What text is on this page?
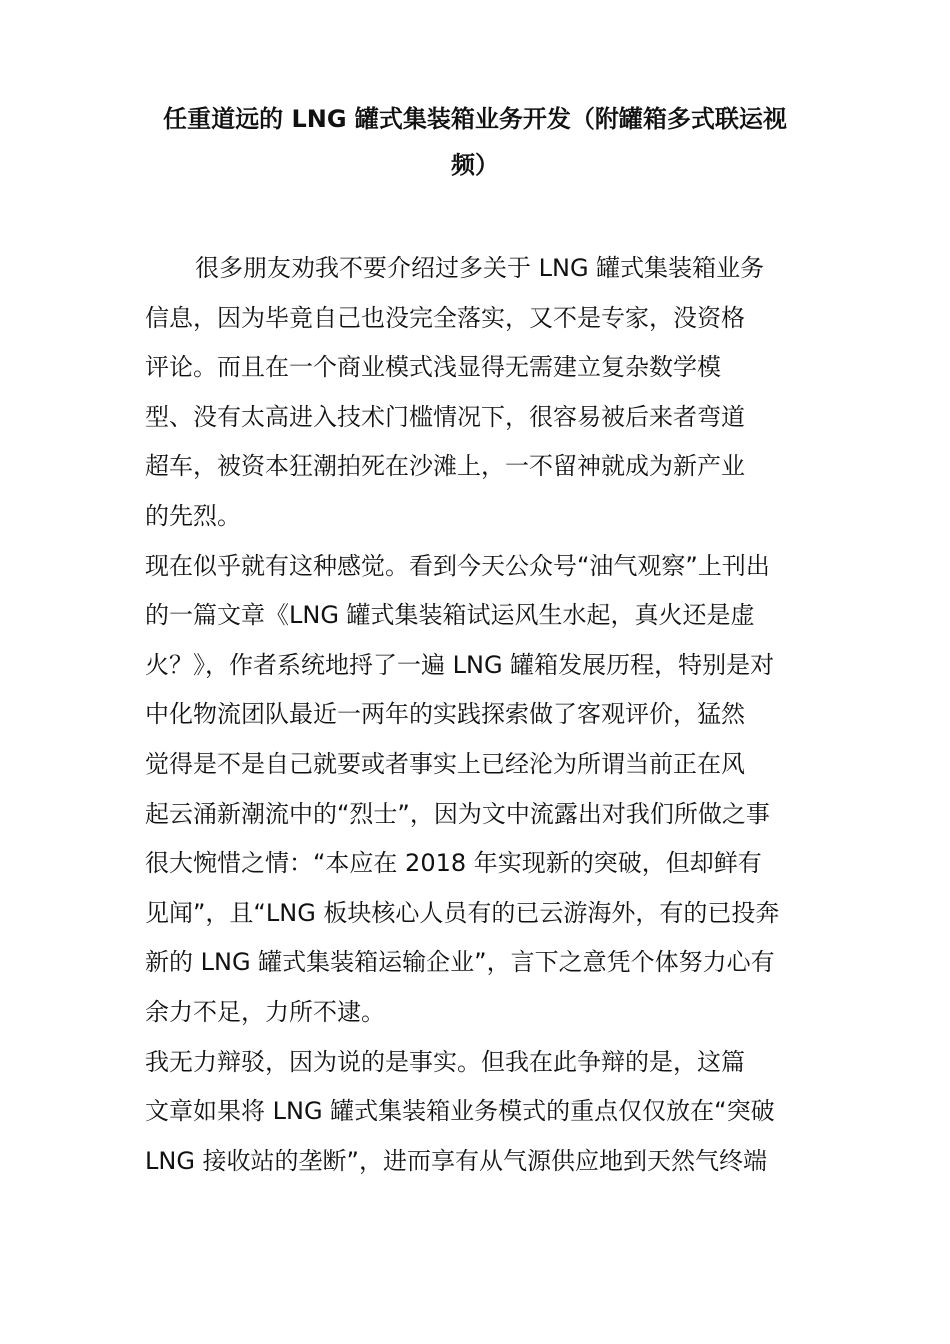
任重道远的 LNG 罐式集装箱业务开发（附罐箱多式联运视
频）

很多朋友劝我不要介绍过多关于 LNG 罐式集装箱业务

信息，因为毕竟自己也没完全落实，又不是专家，没资格

评论。而且在一个商业模式浅显得无需建立复杂数学模

型、没有太高进入技术门槛情况下，很容易被后来者弯道

超车，被资本狂潮拍死在沙滩上，一不留神就成为新产业

的先烈。

现在似乎就有这种感觉。看到今天公众号“油气观察”上刊出

的一篇文章《LNG 罐式集装箱试运风生水起，真火还是虚

火？》，作者系统地捋了一遍 LNG 罐箱发展历程，特别是对

中化物流团队最近一两年的实践探索做了客观评价，猛然

觉得是不是自己就要或者事实上已经沦为所谓当前正在风

起云涌新潮流中的“烈士”，因为文中流露出对我们所做之事

很大惋惜之情：“本应在 2018 年实现新的突破，但却鲜有

见闻”，且“LNG 板块核心人员有的已云游海外，有的已投奔

新的 LNG 罐式集装箱运输企业”，言下之意凭个体努力心有

余力不足，力所不逮。

我无力辩驳，因为说的是事实。但我在此争辩的是，这篇

文章如果将 LNG 罐式集装箱业务模式的重点仅仅放在“突破

LNG 接收站的垄断”，进而享有从气源供应地到天然气终端
